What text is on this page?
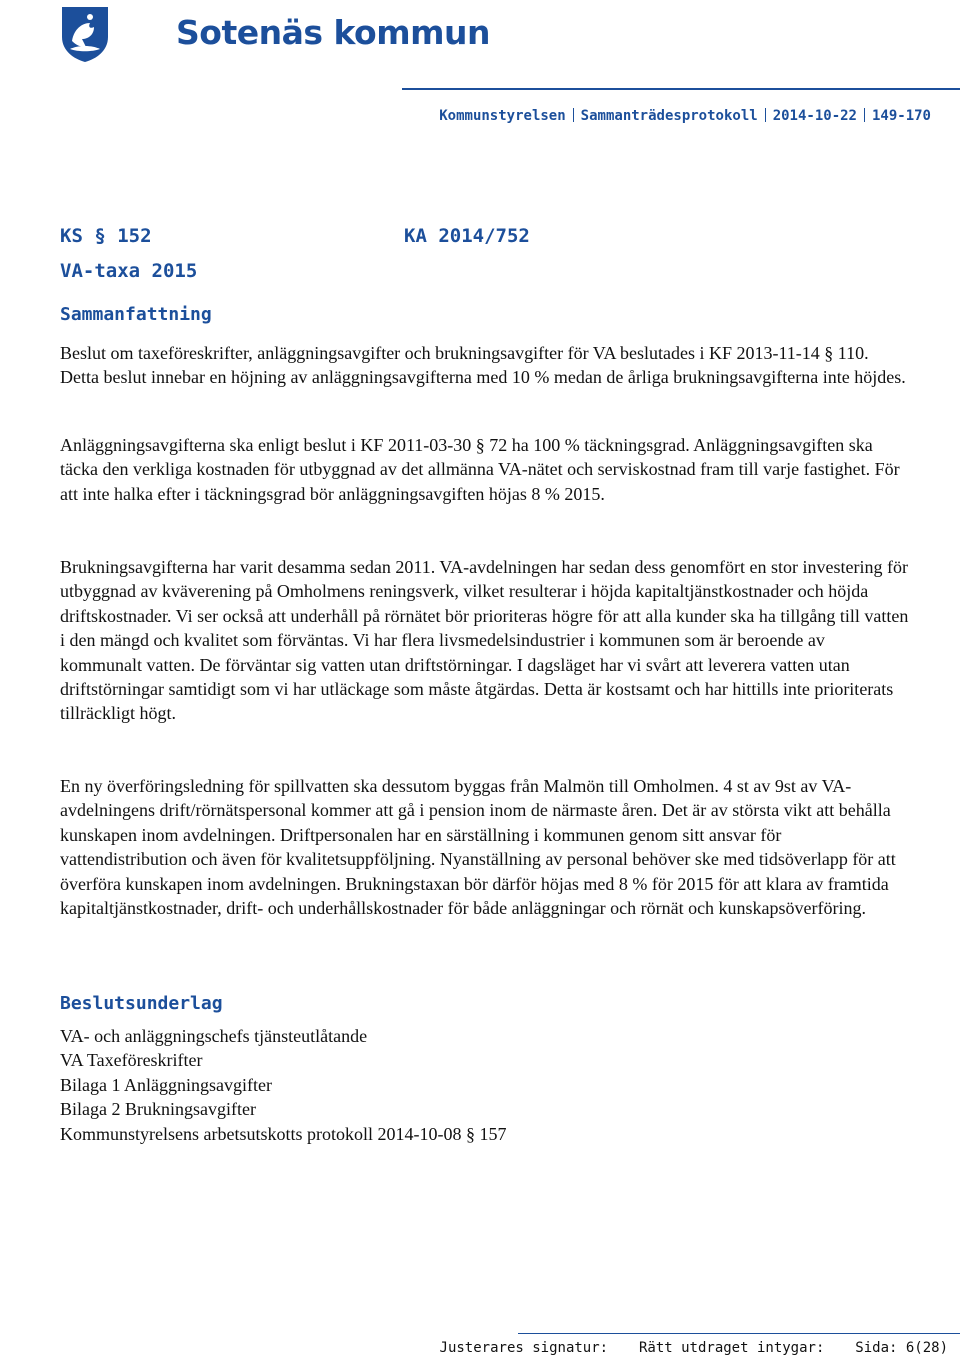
Sotenäs kommun
Kommunstyrelsen Sammanträdesprotokoll 2014-10-22 149-170
KS § 152	KA 2014/752
VA-taxa 2015
Sammanfattning

Beslut om taxeföreskrifter, anläggningsavgifter och brukningsavgifter för VA beslutades i KF 2013-11-14 § 110. Detta beslut innebar en höjning av anläggningsavgifterna med 10 % medan de årliga brukningsavgifterna inte höjdes.

Anläggningsavgifterna ska enligt beslut i KF 2011-03-30 § 72 ha 100 % täckningsgrad. Anläggningsavgiften ska täcka den verkliga kostnaden för utbyggnad av det allmänna VA-nätet och serviskostnad fram till varje fastighet. För att inte halka efter i täckningsgrad bör anläggningsavgiften höjas 8 % 2015.

Brukningsavgifterna har varit desamma sedan 2011. VA-avdelningen har sedan dess genomfört en stor investering för utbyggnad av kväverening på Omholmens reningsverk, vilket resulterar i höjda kapitaltjänstkostnader och höjda driftskostnader. Vi ser också att underhåll på rörnätet bör prioriteras högre för att alla kunder ska ha tillgång till vatten i den mängd och kvalitet som förväntas. Vi har flera livsmedelsindustrier i kommunen som är beroende av kommunalt vatten. De förväntar sig vatten utan driftstörningar. I dagsläget har vi svårt att leverera vatten utan driftstörningar samtidigt som vi har utläckage som måste åtgärdas. Detta är kostsamt och har hittills inte prioriterats tillräckligt högt.

En ny överföringsledning för spillvatten ska dessutom byggas från Malmön till Omholmen. 4 st av 9st av VA-avdelningens drift/rörnätspersonal kommer att gå i pension inom de närmaste åren. Det är av största vikt att behålla kunskapen inom avdelningen. Driftpersonalen har en särställning i kommunen genom sitt ansvar för vattendistribution och även för kvalitetsuppföljning. Nyanställning av personal behöver ske med tidsöverlapp för att överföra kunskapen inom avdelningen. Brukningstaxan bör därför höjas med 8 % för 2015 för att klara av framtida kapitaltjänstkostnader, drift- och underhållskostnader för både anläggningar och rörnät och kunskapsöverföring.

Beslutsunderlag
VA- och anläggningschefs tjänsteutlåtande
VA Taxeföreskrifter
Bilaga 1 Anläggningsavgifter
Bilaga 2 Brukningsavgifter
Kommunstyrelsens arbetsutskotts protokoll 2014-10-08 § 157
Justerares signatur: Rätt utdraget intygar: Sida: 6(28)
